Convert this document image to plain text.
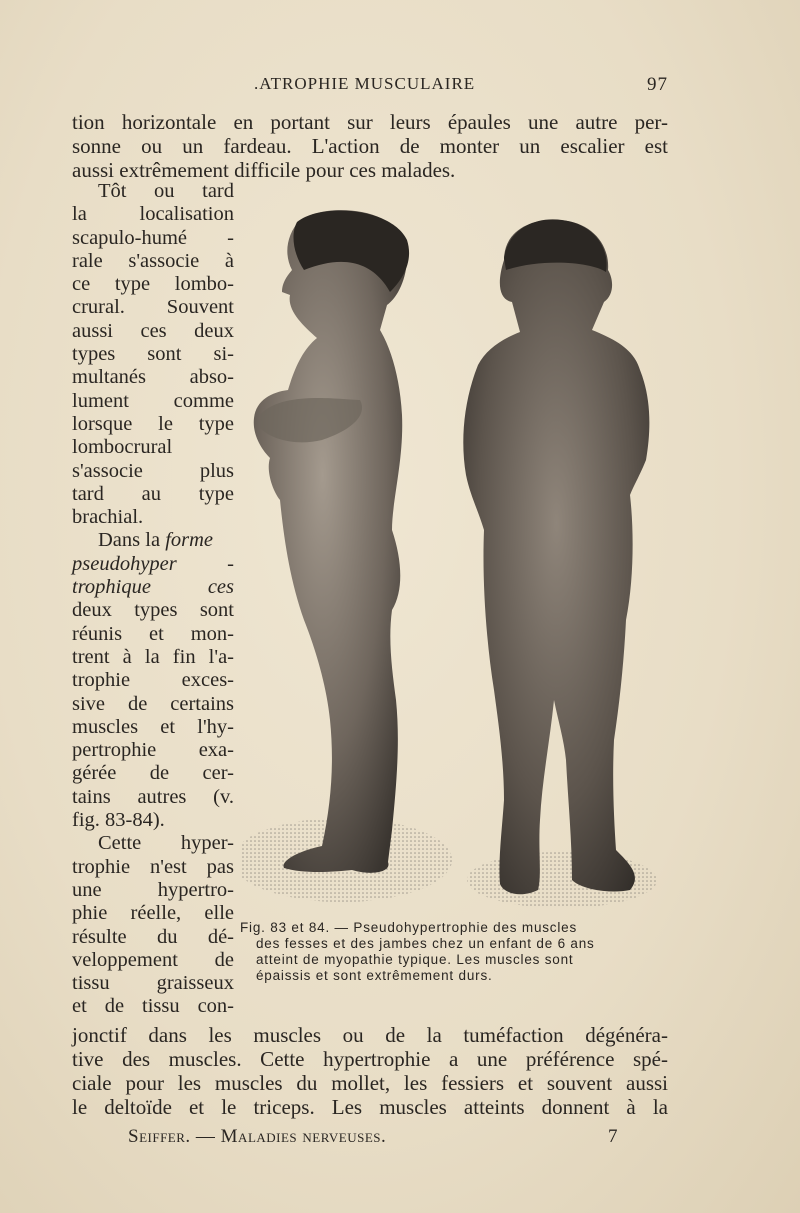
.ATROPHIE MUSCULAIRE	97
tion horizontale en portant sur leurs épaules une autre per-
sonne ou un fardeau. L'action de monter un escalier est
aussi extrêmement difficile pour ces malades.
Tôt ou tard
la localisation
scapulo-humé -
rale s'associe à
ce type lombo-
crural. Souvent
aussi ces deux
types sont si-
multanés abso-
lument comme
lorsque le type
lombocrural
s'associe plus
tard au type
brachial.
Dans la forme
pseudohyper -
trophique ces
deux types sont
réunis et mon-
trent à la fin l'a-
trophie exces-
sive de certains
muscles et l'hy-
pertrophie exa-
gérée de cer-
tains autres (v.
fig. 83-84).
Cette hyper-
trophie n'est pas
une hypertro-
phie réelle, elle
résulte du dé-
veloppement de
tissu graisseux
et de tissu con-
Fig. 83 et 84. — Pseudohypertrophie des muscles
des fesses et des jambes chez un enfant de 6 ans
atteint de myopathie typique. Les muscles sont
épaissis et sont extrêmement durs.
jonctif dans les muscles ou de la tuméfaction dégénéra-
tive des muscles. Cette hypertrophie a une préférence spé-
ciale pour les muscles du mollet, les fessiers et souvent aussi
le deltoïde et le triceps. Les muscles atteints donnent à la
Seiffer. — Maladies nerveuses.	7
